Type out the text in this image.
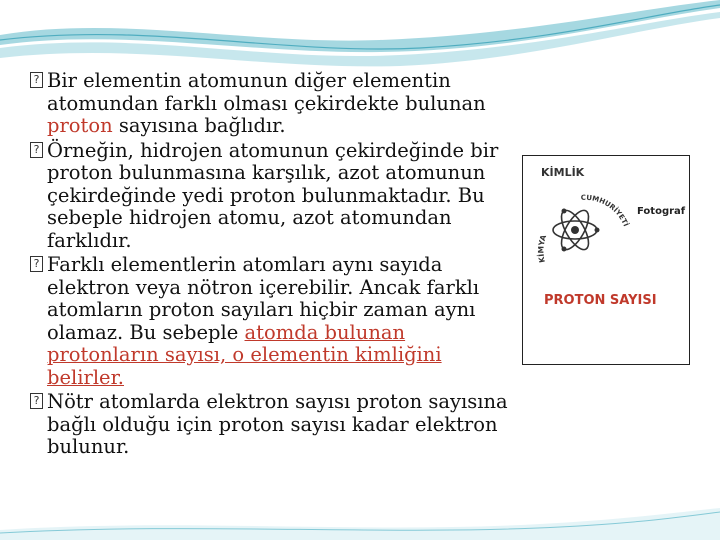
? Bir elementin atomunun diğer elementin atomundan farklı olması çekirdekte bulunan proton sayısına bağlıdır.

? Örneğin, hidrojen atomunun çekirdeğinde bir proton bulunmasına karşılık, azot atomunun çekirdeğinde yedi proton bulunmaktadır. Bu sebeple hidrojen atomu, azot atomundan farklıdır.

? Farklı elementlerin atomları aynı sayıda elektron veya nötron içerebilir. Ancak farklı atomların proton sayıları hiçbir zaman aynı olamaz. Bu sebeple atomda bulunan protonların sayısı, o elementin kimliğini belirler.

? Nötr atomlarda elektron sayısı proton sayısına bağlı olduğu için proton sayısı kadar elektron bulunur.

KİMLİK
KİMYA
CUMHURİYETİ
Fotograf
PROTON SAYISI
